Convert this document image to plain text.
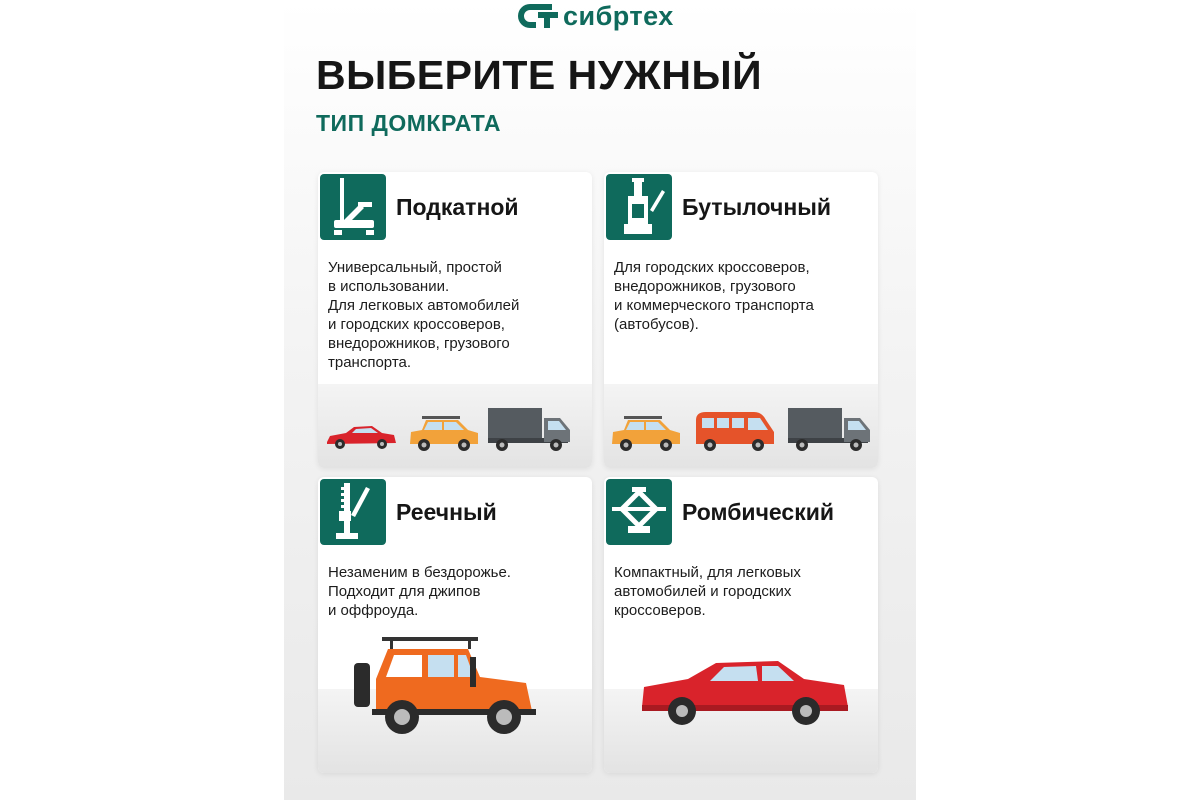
сибртех
ВЫБЕРИТЕ НУЖНЫЙ
ТИП ДОМКРАТА
Подкатной
Универсальный, простой
в использовании.
Для легковых автомобилей
и городских кроссоверов,
внедорожников, грузового
транспорта.
Бутылочный
Для городских кроссоверов,
внедорожников, грузового
и коммерческого транспорта
(автобусов).
Реечный
Незаменим в бездорожье.
Подходит для джипов
и оффроуда.
Ромбический
Компактный, для легковых
автомобилей и городских
кроссоверов.
